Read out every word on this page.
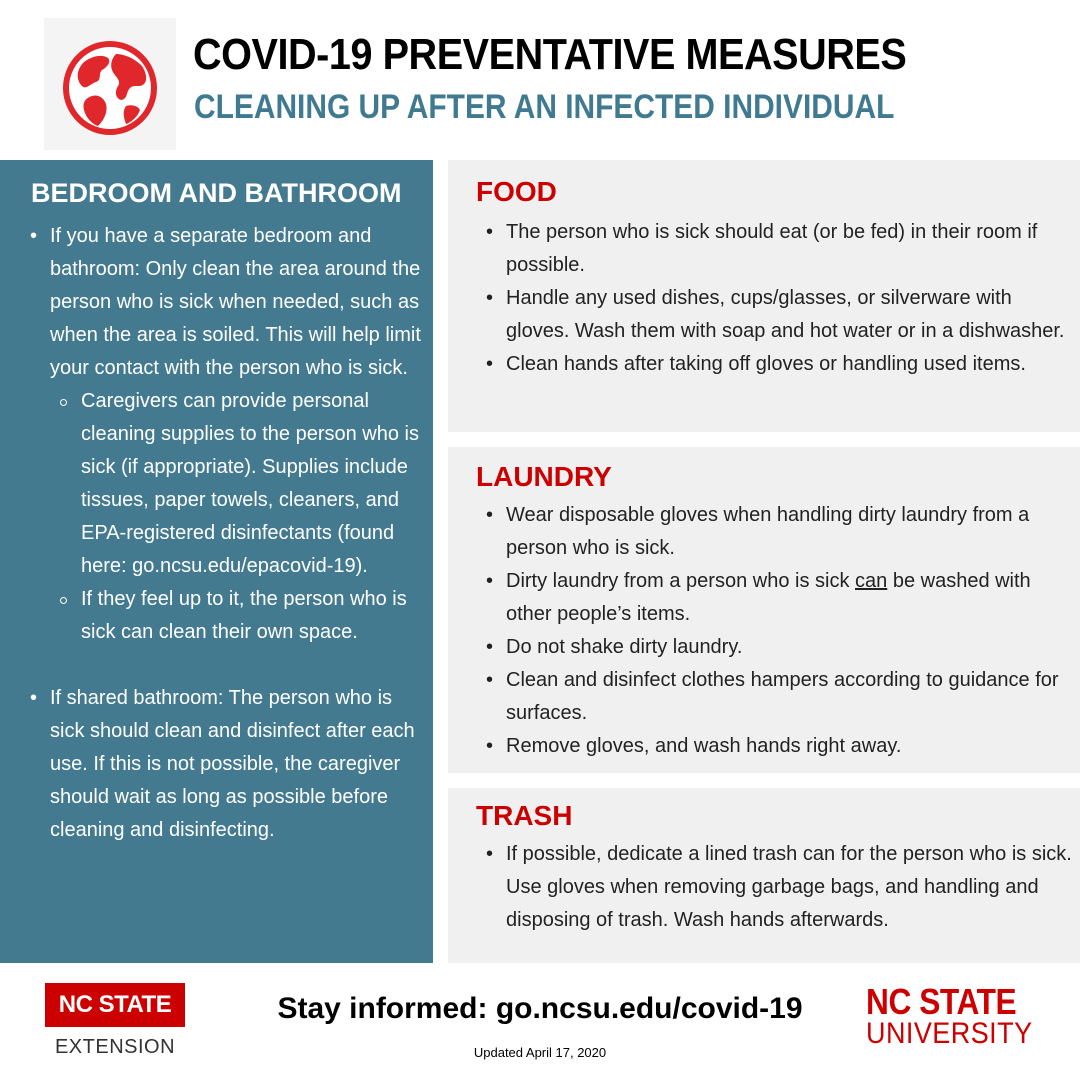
COVID-19 PREVENTATIVE MEASURES
CLEANING UP AFTER AN INFECTED INDIVIDUAL
BEDROOM AND BATHROOM
• If you have a separate bedroom and bathroom: Only clean the area around the person who is sick when needed, such as when the area is soiled. This will help limit your contact with the person who is sick.
Caregivers can provide personal cleaning supplies to the person who is sick (if appropriate). Supplies include tissues, paper towels, cleaners, and EPA-registered disinfectants (found here: go.ncsu.edu/epacovid-19).
If they feel up to it, the person who is sick can clean their own space.
• If shared bathroom: The person who is sick should clean and disinfect after each use. If this is not possible, the caregiver should wait as long as possible before cleaning and disinfecting.
FOOD
• The person who is sick should eat (or be fed) in their room if possible.
• Handle any used dishes, cups/glasses, or silverware with gloves. Wash them with soap and hot water or in a dishwasher.
• Clean hands after taking off gloves or handling used items.
LAUNDRY
• Wear disposable gloves when handling dirty laundry from a person who is sick.
• Dirty laundry from a person who is sick can be washed with other people’s items.
• Do not shake dirty laundry.
• Clean and disinfect clothes hampers according to guidance for surfaces.
• Remove gloves, and wash hands right away.
TRASH
• If possible, dedicate a lined trash can for the person who is sick. Use gloves when removing garbage bags, and handling and disposing of trash. Wash hands afterwards.
NC STATE
EXTENSION
Stay informed: go.ncsu.edu/covid-19
Updated April 17, 2020
NC STATE
UNIVERSITY
